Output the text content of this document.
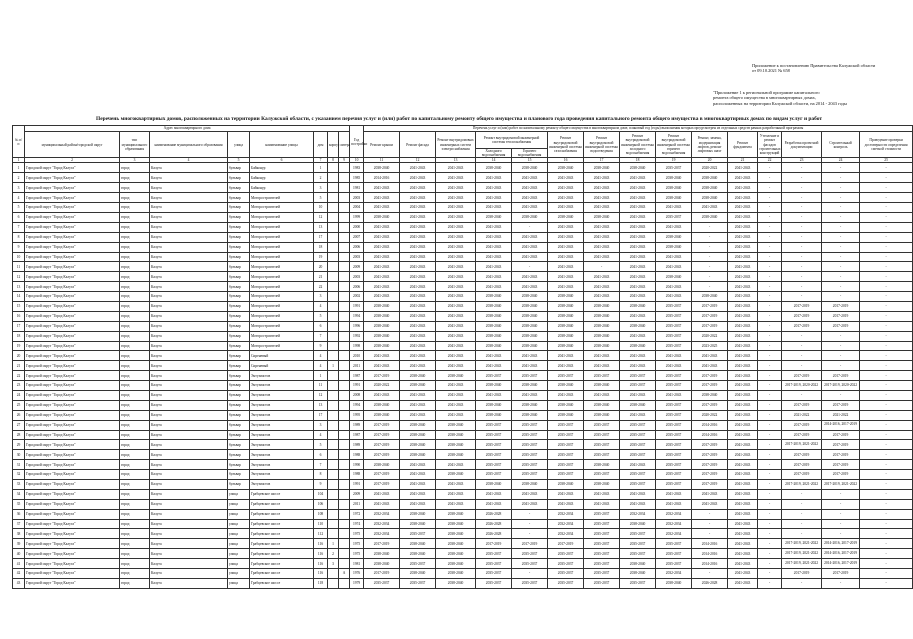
Приложение к постановлению Правительства Калужской области
от 09.10.2021 № 658
"Приложение 1 к региональной программе капитального
ремонта общего имущества в многоквартирных домах,
расположенных на территории Калужской области, на 2014 - 2043 годы
Перечень многоквартирных домов, расположенных на территории Калужской области, с указанием перечня услуг и (или) работ по капитальному ремонту общего имущества и планового года проведения капитального ремонта общего имущества в многоквартирных домах по видам услуг и работ
№ п/п	Адрес многоквартирного дома								Год постройки	Перечень услуг и (или) работ по капитальному ремонту общего имущества в многоквартирном доме, плановый год (годы) выполнения которых предусмотрен из отдельных средств рамках разработанной программы														
	муниципальный район/городской округ	тип муниципального образования	наименование муниципального образования	улица	наименование улицы	дом	корпус	литера		Ремонт крыши	Ремонт фасада	Ремонт внутридомовых инженерных систем электроснабжения	Ремонт внутридомовой инженерной системы теплоснабжения		Ремонт внутридомовой инженерной системы газоснабжения	Ремонт внутридомовой инженерной системы водоотведения	Ремонт внутридомовой инженерной системы холодного водоснабжения	Ремонт внутридомовой инженерной системы горячего водоснабжения	Ремонт, замена, модернизация лифтов, ремонт лифтовых шахт	Ремонт фундамента	Утепление и ремонт фасадов строительных конструкций	Разработка проектной документации	Строительный контроль	Проведение проверки достоверности определения сметной стоимости
													Холодного водоснабжения	Горячего водоснабжения										
1	2	3	4	5	6	7	8	9	10	11	12	13	14	15	16	17	18	19	20	21	22	23	24	25
1	Городской округ "Город Калуга"	город	Калуга	бульвар	Байконур	1			1983	2038-2040	2041-2043	2041-2043	2038-2040	2038-2040	2038-2040	2038-2040	2038-2040	2035-2037	2020-2022	2041-2043	-	-	-	-
2	Городской округ "Город Калуга"	город	Калуга	бульвар	Байконур	2			1985	2014-2016	2041-2043	2041-2043	2041-2043	2041-2043	2041-2043	2041-2043	2041-2043	2038-2040	2038-2040	2041-2043	-	-	-	-
3	Городской округ "Город Калуга"	город	Калуга	бульвар	Байконур	3			1981	2041-2043	2041-2043	2041-2043	2041-2043	2041-2043	2041-2043	2041-2043	2041-2043	2038-2040	2038-2040	2041-2043	-	-	-	-
4	Городской округ "Город Калуга"	город	Калуга	бульвар	Моторостроителей	5			2003	2041-2043	2041-2043	2041-2043	2041-2043	2041-2043	2041-2043	2041-2043	2041-2043	2038-2040	2038-2040	2041-2043	-	-	-	-
5	Городской округ "Город Калуга"	город	Калуга	бульвар	Моторостроителей	10			2004	2041-2043	2041-2043	2041-2043	2041-2043	2041-2043	2041-2043	2041-2043	2041-2043	2041-2043	2041-2043	2041-2043	-	-	-	-
6	Городской округ "Город Калуга"	город	Калуга	бульвар	Моторостроителей	12			1999	2038-2040	2041-2043	2041-2043	2038-2040	2038-2040	2038-2040	2038-2040	2041-2043	2035-2037	2038-2040	2041-2043	-	-	-	-
7	Городской округ "Город Калуга"	город	Калуга	бульвар	Моторостроителей	13			2000	2041-2043	2041-2043	2041-2043	2041-2043	-	2041-2043	2041-2043	2041-2043	2041-2043	-	2041-2043	-	-	-	-
8	Городской округ "Город Калуга"	город	Калуга	бульвар	Моторостроителей	17			2007	2041-2043	2041-2043	2041-2043	2041-2043	2041-2043	2041-2043	2041-2043	2041-2043	2038-2040	-	2041-2043	-	-	-	-
9	Городской округ "Город Калуга"	город	Калуга	бульвар	Моторостроителей	18			2006	2041-2043	2041-2043	2041-2043	2041-2043	2041-2043	2041-2043	2041-2043	2041-2043	2038-2040	-	2041-2043	-	-	-	-
10	Городской округ "Город Калуга"	город	Калуга	бульвар	Моторостроителей	19			2003	2041-2043	2041-2043	2041-2043	2041-2043	2041-2043	2041-2043	2041-2043	2041-2043	2041-2043	-	2041-2043	-	-	-	-
11	Городской округ "Город Калуга"	город	Калуга	бульвар	Моторостроителей	20			2009	2041-2043	2041-2043	2041-2043	2041-2043	-	2041-2043	-	2041-2043	2041-2043	-	2041-2043	-	-	-	-
12	Городской округ "Город Калуга"	город	Калуга	бульвар	Моторостроителей	21			2003	2041-2043	2041-2043	2041-2043	2041-2043	2041-2043	2041-2043	2041-2043	2041-2043	2038-2040	-	2041-2043	-	-	-	-
13	Городской округ "Город Калуга"	город	Калуга	бульвар	Моторостроителей	22			2006	2041-2043	2041-2043	2041-2043	2041-2043	2041-2043	2041-2043	2041-2043	2041-2043	2041-2043	-	2041-2043	-	-	-	-
14	Городской округ "Город Калуга"	город	Калуга	бульвар	Моторостроителей	3			2002	2041-2043	2041-2043	2041-2043	2038-2040	2038-2040	2038-2040	2041-2043	2041-2043	2041-2043	2038-2040	2041-2043	-	-	-	-
15	Городской округ "Город Калуга"	город	Калуга	бульвар	Моторостроителей	4			1991	2038-2040	2041-2043	2041-2043	2038-2040	2038-2040	2038-2040	2038-2040	2038-2040	2035-2037	2017-2019	2041-2043	-	2017-2019	2017-2019	-
16	Городской округ "Город Калуга"	город	Калуга	бульвар	Моторостроителей	5			1994	2038-2040	2041-2043	2041-2043	2038-2040	2038-2040	2038-2040	2038-2040	2041-2043	2035-2037	2017-2019	2041-2043	-	2017-2019	2017-2019	-
17	Городской округ "Город Калуга"	город	Калуга	бульвар	Моторостроителей	6			1996	2038-2040	2041-2043	2041-2043	2038-2040	2038-2040	2038-2040	2038-2040	2038-2040	2035-2037	2017-2019	2041-2043	-	2017-2019	2017-2019	-
18	Городской округ "Город Калуга"	город	Калуга	бульвар	Моторостроителей	7			1992	2038-2040	2041-2043	2041-2043	2038-2040	2038-2040	2038-2040	2038-2040	2041-2043	2035-2037	2020-2022	2041-2043	-	-	-	-
19	Городской округ "Город Калуга"	город	Калуга	бульвар	Моторостроителей	9			1998	2038-2040	2041-2043	2041-2043	2038-2040	2038-2040	2038-2040	2038-2040	2038-2040	2035-2037	2023-2025	2041-2043	-	-	-	-
20	Городской округ "Город Калуга"	город	Калуга	бульвар	Сиреневый	4			2010	2041-2043	2041-2043	2041-2043	2041-2043	2041-2043	2041-2043	2041-2043	2041-2043	2041-2043	2041-2043	2041-2043	-	-	-	-
21	Городской округ "Город Калуга"	город	Калуга	бульвар	Сиреневый	4	1		2011	2041-2043	2041-2043	2041-2043	2041-2043	2041-2043	2041-2043	2041-2043	2041-2043	2041-2043	2041-2043	2041-2043	-	-	-	-
22	Городской округ "Город Калуга"	город	Калуга	бульвар	Энтузиастов	1			1987	2017-2019	2038-2040	2038-2040	2035-2037	2035-2037	2035-2037	2035-2037	2035-2037	2035-2037	2017-2019	2041-2043	-	2017-2019	2017-2019	-
23	Городской округ "Город Калуга"	город	Калуга	бульвар	Энтузиастов	11			1991	2020-2022	2038-2040	2041-2043	2038-2040	2038-2040	2038-2040	2038-2040	2035-2037	2035-2037	2017-2019	2041-2043	-	2017-2019, 2020-2022	2017-2019, 2020-2022	-
24	Городской округ "Город Калуга"	город	Калуга	бульвар	Энтузиастов	12			2008	2041-2043	2041-2043	2041-2043	2041-2043	2041-2043	2041-2043	2041-2043	2041-2043	2041-2043	2038-2040	2041-2043	-	-	-	-
25	Городской округ "Город Калуга"	город	Калуга	бульвар	Энтузиастов	13			1994	2038-2040	2041-2043	2041-2043	2038-2040	2038-2040	2038-2040	2038-2040	2038-2040	2035-2037	2017-2019	2041-2043	-	2017-2019	2017-2019	-
26	Городской округ "Город Калуга"	город	Калуга	бульвар	Энтузиастов	17			1995	2038-2040	2041-2043	2041-2043	2038-2040	2038-2040	2038-2040	2038-2040	2041-2043	2035-2037	2020-2022	2041-2043	-	2021-2022	2021-2022	-
27	Городской округ "Город Калуга"	город	Калуга	бульвар	Энтузиастов	3			1989	2017-2019	2038-2040	2038-2040	2035-2037	2035-2037	2035-2037	2035-2037	2035-2037	2035-2037	2014-2016	2041-2043	-	2017-2019	2014-2016, 2017-2019	-
28	Городской округ "Город Калуга"	город	Калуга	бульвар	Энтузиастов	4			1987	2017-2019	2038-2040	2038-2040	2035-2037	2035-2037	2035-2037	2035-2037	2035-2037	2035-2037	2014-2016	2041-2043	-	2017-2019	2017-2019	-
29	Городской округ "Город Калуга"	город	Калуга	бульвар	Энтузиастов	5			1989	2017-2019	2038-2040	2038-2040	2035-2037	2035-2037	2035-2037	2035-2037	2035-2037	2035-2037	2017-2019	2041-2043	-	2017-2019, 2021-2022	2017-2019	-
30	Городской округ "Город Калуга"	город	Калуга	бульвар	Энтузиастов	6			1988	2017-2019	2038-2040	2038-2040	2035-2037	2035-2037	2035-2037	2035-2037	2035-2037	2035-2037	2017-2019	2041-2043	-	2017-2019	2017-2019	-
31	Городской округ "Город Калуга"	город	Калуга	бульвар	Энтузиастов	7			1990	2038-2040	2041-2043	2041-2043	2035-2037	2035-2037	2035-2037	2038-2040	2041-2043	2035-2037	2017-2019	2041-2043	-	2017-2019	2017-2019	-
32	Городской округ "Город Калуга"	город	Калуга	бульвар	Энтузиастов	8			1988	2017-2019	2041-2043	2038-2040	2035-2037	2035-2037	2035-2037	2035-2037	2035-2037	2035-2037	2017-2019	2041-2043	-	2017-2019	2017-2019	-
33	Городской округ "Город Калуга"	город	Калуга	бульвар	Энтузиастов	9			1991	2017-2019	2041-2043	2041-2043	2038-2040	2038-2040	2038-2040	2038-2040	2035-2037	2035-2037	2017-2019	2041-2043	-	2017-2019, 2021-2022	2017-2019, 2021-2022	-
34	Городской округ "Город Калуга"	город	Калуга	улица	Грабцевское шоссе	104			2009	2041-2043	2041-2043	2041-2043	2041-2043	2041-2043	2041-2043	2041-2043	2041-2043	2041-2043	2041-2043	2041-2043	-	-	-	-
35	Городской округ "Город Калуга"	город	Калуга	улица	Грабцевское шоссе	106			2011	2041-2043	2041-2043	2041-2043	2041-2043	2041-2043	2041-2043	2041-2043	2041-2043	2041-2043	2041-2043	2041-2043	-	-	-	-
36	Городской округ "Город Калуга"	город	Калуга	улица	Грабцевское шоссе	108			1972	2032-2034	2038-2040	2038-2040	2026-2028	-	2032-2034	2035-2037	2032-2034	2032-2034	-	2041-2043	-	-	-	-
37	Городской округ "Город Калуга"	город	Калуга	улица	Грабцевское шоссе	110			1974	2032-2034	2038-2040	2038-2040	2026-2028	-	2032-2034	2035-2037	2038-2040	2032-2034	-	2041-2043	-	-	-	-
38	Городской округ "Город Калуга"	город	Калуга	улица	Грабцевское шоссе	112			1975	2032-2034	2035-2037	2038-2040	2026-2028	-	2032-2034	2035-2037	2035-2037	2032-2034	-	2041-2043	-	-	-	-
39	Городской округ "Город Калуга"	город	Калуга	улица	Грабцевское шоссе	116	1		1975	2017-2019	2038-2040	2038-2040	2017-2019	2017-2019	2017-2019	2035-2037	2035-2037	2035-2037	2014-2016	2041-2043	-	2017-2019, 2021-2022	2014-2016, 2017-2019	-
40	Городской округ "Город Калуга"	город	Калуга	улица	Грабцевское шоссе	116	2		1975	2038-2040	2038-2040	2038-2040	2035-2037	2035-2037	2035-2037	2035-2037	2035-2037	2035-2037	2014-2016	2041-2043	-	2017-2019, 2021-2022	2014-2016, 2017-2019	-
41	Городской округ "Город Калуга"	город	Калуга	улица	Грабцевское шоссе	116	3		1981	2038-2040	2035-2037	2038-2040	2035-2037	2035-2037	2035-2037	2035-2037	2038-2040	2035-2037	2014-2016	2041-2043	-	2017-2019, 2021-2022	2014-2016, 2017-2019	-
42	Городской округ "Город Калуга"	город	Калуга	улица	Грабцевское шоссе	116		А	1976	2017-2019	2038-2040	2038-2040	2035-2037	-	2035-2037	2035-2037	2038-2040	2032-2034	-	2041-2043	-	2017-2019	2017-2019	-
43	Городской округ "Город Калуга"	город	Калуга	улица	Грабцевское шоссе	118			1979	2035-2037	2035-2037	2038-2040	2035-2037	2035-2037	2035-2037	2035-2037	2035-2037	2038-2040	2026-2028	2041-2043	-	-	-	-
